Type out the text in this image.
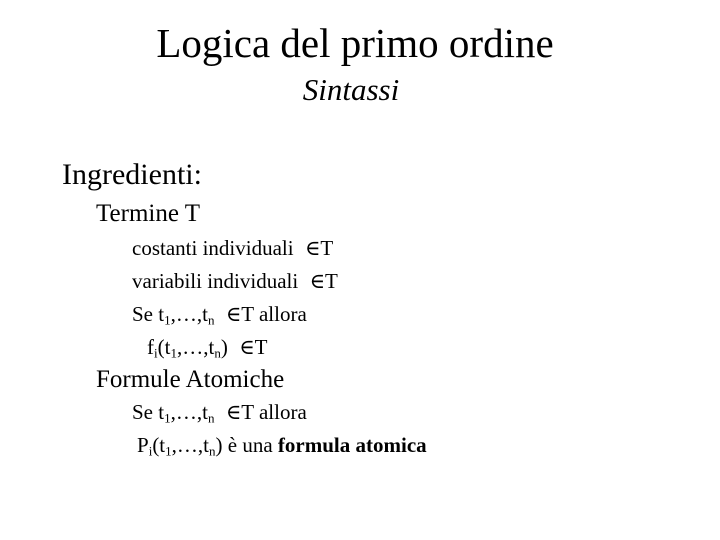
Logica del primo ordine
Sintassi
Ingredienti:
Termine T
costanti individuali ∈T
variabili individuali ∈T
Se $t_1,\dots,t_n$ ∈T allora
$f_i(t_1,\dots,t_n)$ ∈T
Formule Atomiche
Se $t_1,\dots,t_n$ ∈T allora
$P_i(t_1,\dots,t_n)$ è una formula atomica
